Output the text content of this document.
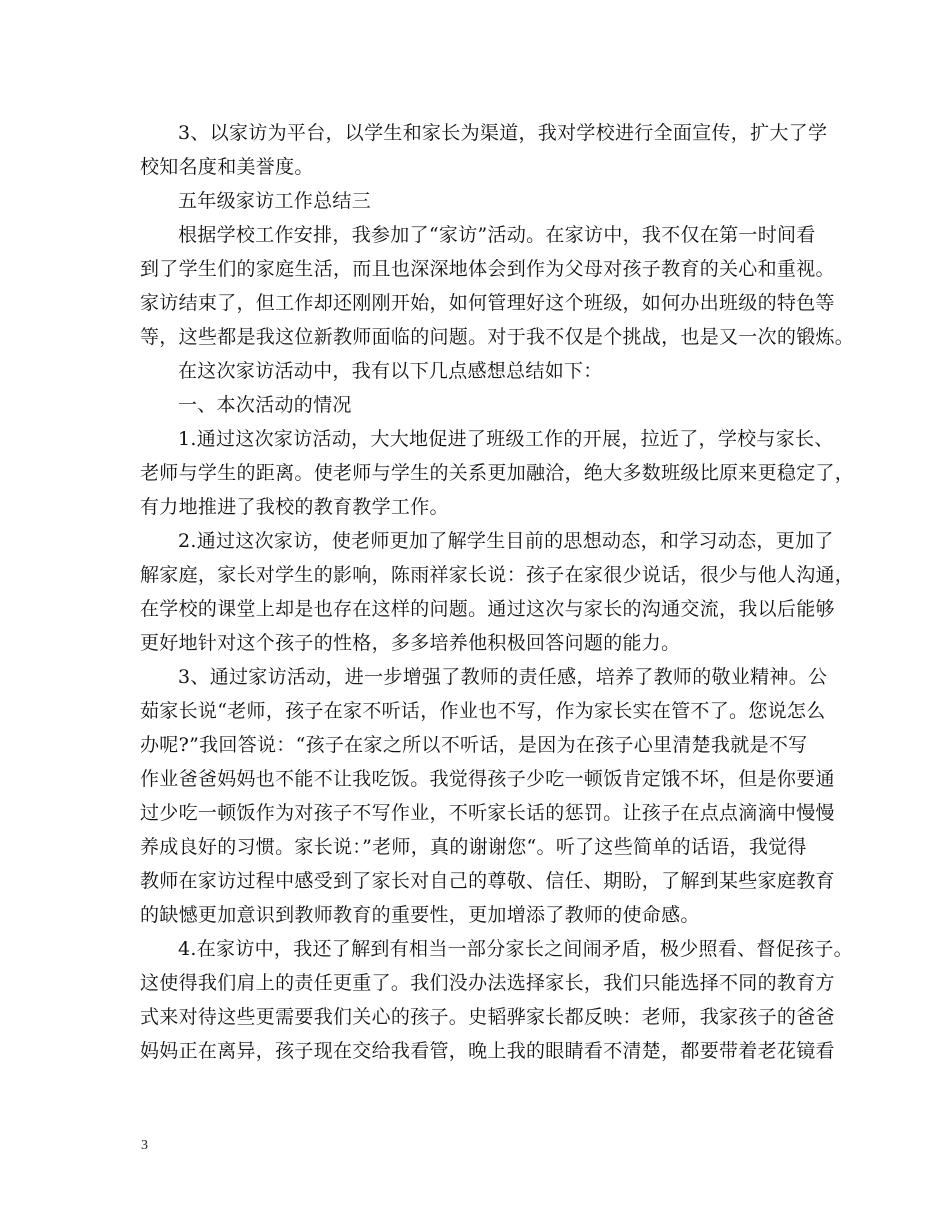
3、以家访为平台，以学生和家长为渠道，我对学校进行全面宣传，扩大了学
校知名度和美誉度。
五年级家访工作总结三
根据学校工作安排，我参加了“家访”活动。在家访中，我不仅在第一时间看
到了学生们的家庭生活，而且也深深地体会到作为父母对孩子教育的关心和重视。
家访结束了，但工作却还刚刚开始，如何管理好这个班级，如何办出班级的特色等
等，这些都是我这位新教师面临的问题。对于我不仅是个挑战，也是又一次的锻炼。
在这次家访活动中，我有以下几点感想总结如下：
一、本次活动的情况
1.通过这次家访活动，大大地促进了班级工作的开展，拉近了，学校与家长、
老师与学生的距离。使老师与学生的关系更加融洽，绝大多数班级比原来更稳定了，
有力地推进了我校的教育教学工作。
2.通过这次家访，使老师更加了解学生目前的思想动态，和学习动态，更加了
解家庭，家长对学生的影响，陈雨祥家长说：孩子在家很少说话，很少与他人沟通，
在学校的课堂上却是也存在这样的问题。通过这次与家长的沟通交流，我以后能够
更好地针对这个孩子的性格，多多培养他积极回答问题的能力。
3、通过家访活动，进一步增强了教师的责任感，培养了教师的敬业精神。公
茹家长说“老师，孩子在家不听话，作业也不写，作为家长实在管不了。您说怎么
办呢?”我回答说：“孩子在家之所以不听话，是因为在孩子心里清楚我就是不写
作业爸爸妈妈也不能不让我吃饭。我觉得孩子少吃一顿饭肯定饿不坏，但是你要通
过少吃一顿饭作为对孩子不写作业，不听家长话的惩罚。让孩子在点点滴滴中慢慢
养成良好的习惯。家长说：”老师，真的谢谢您“。听了这些简单的话语，我觉得
教师在家访过程中感受到了家长对自己的尊敬、信任、期盼，了解到某些家庭教育
的缺憾更加意识到教师教育的重要性，更加增添了教师的使命感。
4.在家访中，我还了解到有相当一部分家长之间闹矛盾，极少照看、督促孩子。
这使得我们肩上的责任更重了。我们没办法选择家长，我们只能选择不同的教育方
式来对待这些更需要我们关心的孩子。史韬骅家长都反映：老师，我家孩子的爸爸
妈妈正在离异，孩子现在交给我看管，晚上我的眼睛看不清楚，都要带着老花镜看
3
